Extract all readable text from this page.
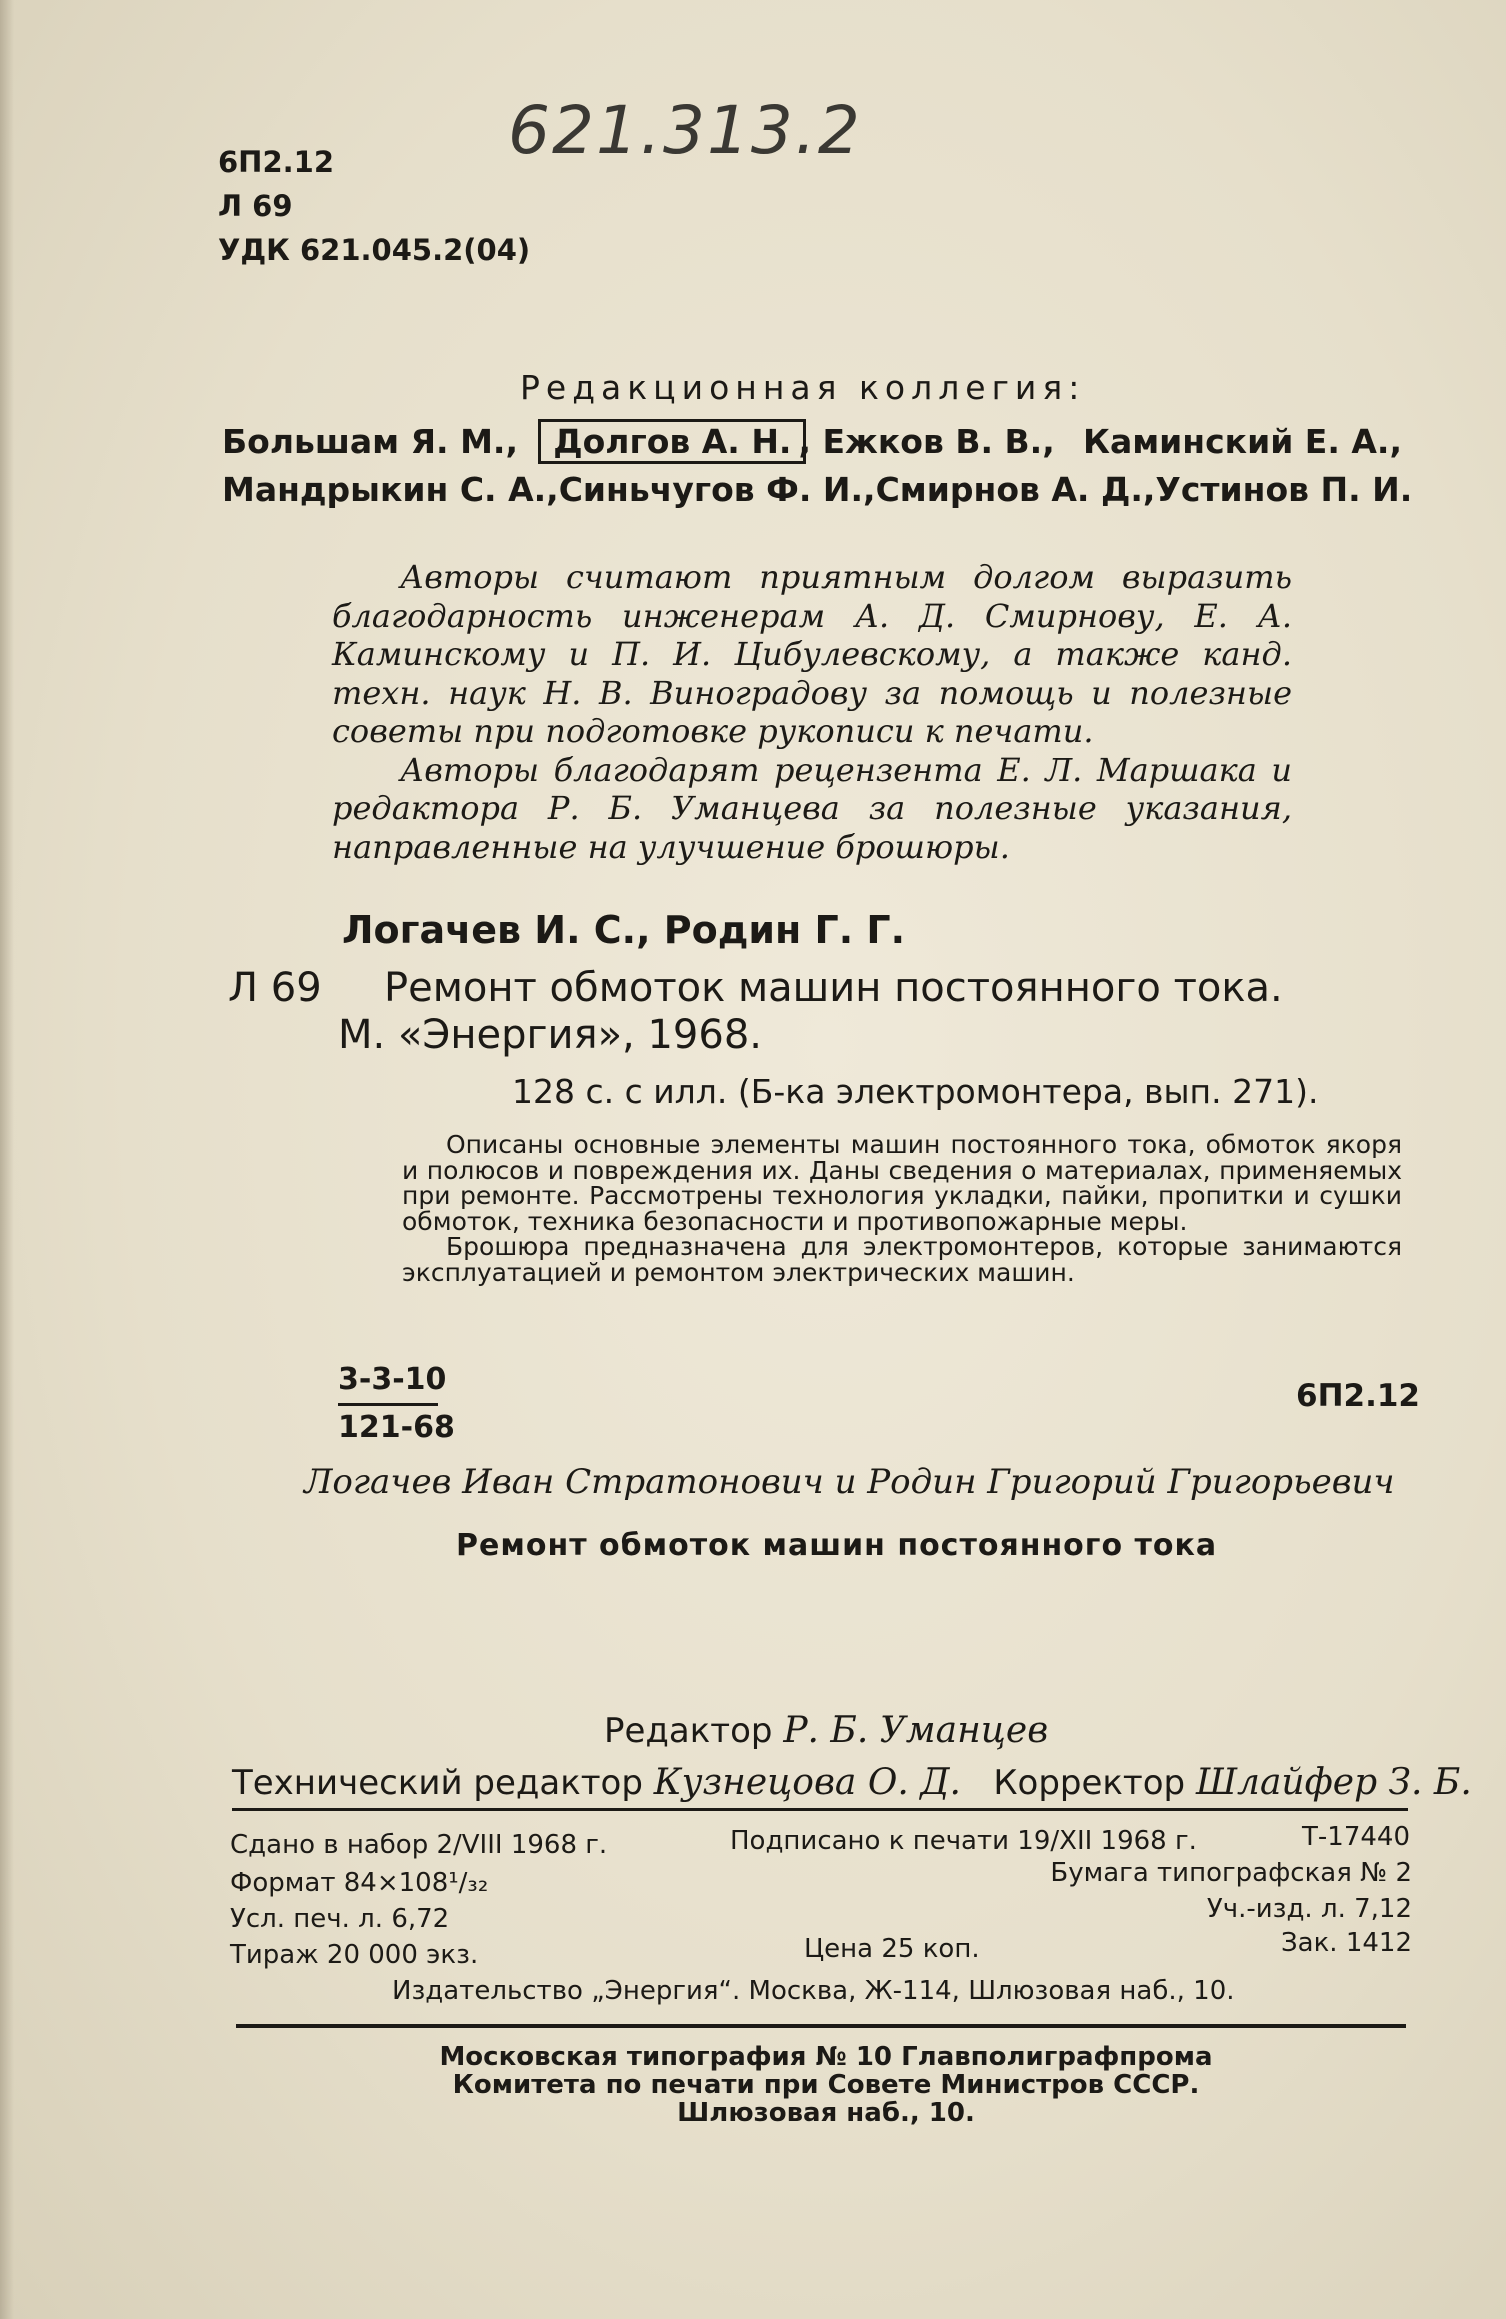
621.313.2
6П2.12
Л 69
УДК 621.045.2(04)
Редакционная коллегия:
Большам Я. М., Долгов А. Н. , Ежков В. В., Каминский Е. А.,
Мандрыкин С. А., Синьчугов Ф. И., Смирнов А. Д., Устинов П. И.

Авторы считают приятным долгом выразить благодарность инженерам А. Д. Смирнову, Е. А. Каминскому и П. И. Цибулевскому, а также канд. техн. наук Н. В. Виноградову за помощь и полезные советы при подготовке рукописи к печати.

Авторы благодарят рецензента Е. Л. Маршака и редактора Р. Б. Уманцева за полезные указания, направленные на улучшение брошюры.

Логачев И. С., Родин Г. Г.
Л 69 Ремонт обмоток машин постоянного тока.
М. «Энергия», 1968.
128 с. с илл. (Б-ка электромонтера, вып. 271).

Описаны основные элементы машин постоянного тока, обмоток якоря и полюсов и повреждения их. Даны сведения о материалах, применяемых при ремонте. Рассмотрены технология укладки, пайки, пропитки и сушки обмоток, техника безопасности и противопожарные меры.

Брошюра предназначена для электромонтеров, которые занимаются эксплуатацией и ремонтом электрических машин.

$\frac{3-3-10}{121-68}$	6П2.12
Логачев Иван Стратонович и Родин Григорий Григорьевич
Ремонт обмоток машин постоянного тока
Редактор Р. Б. Уманцев
Технический редактор Кузнецова О. Д. Корректор Шлайфер З. Б.
Сдано в набор 2/VIII 1968 г.	Подписано к печати 19/XII 1968 г.	Т-17440
Формат 84×108¹/₃₂	Бумага типографская № 2
Усл. печ. л. 6,72	Уч.-изд. л. 7,12
Тираж 20 000 экз.	Цена 25 коп.	Зак. 1412
Издательство „Энергия“. Москва, Ж-114, Шлюзовая наб., 10.
Московская типография № 10 Главполиграфпрома
Комитета по печати при Совете Министров СССР.
Шлюзовая наб., 10.
